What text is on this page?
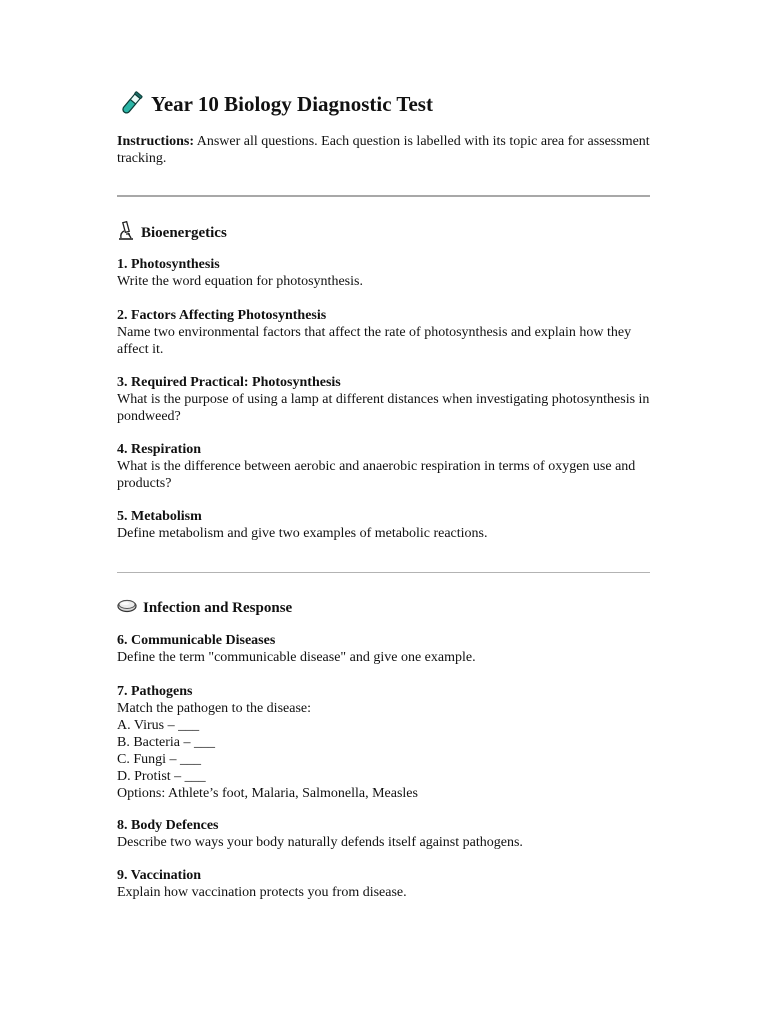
Year 10 Biology Diagnostic Test
Instructions: Answer all questions. Each question is labelled with its topic area for assessment tracking.
Bioenergetics
1. Photosynthesis
Write the word equation for photosynthesis.
2. Factors Affecting Photosynthesis
Name two environmental factors that affect the rate of photosynthesis and explain how they affect it.
3. Required Practical: Photosynthesis
What is the purpose of using a lamp at different distances when investigating photosynthesis in pondweed?
4. Respiration
What is the difference between aerobic and anaerobic respiration in terms of oxygen use and products?
5. Metabolism
Define metabolism and give two examples of metabolic reactions.
Infection and Response
6. Communicable Diseases
Define the term "communicable disease" and give one example.
7. Pathogens
Match the pathogen to the disease:
A. Virus – ___
B. Bacteria – ___
C. Fungi – ___
D. Protist – ___
Options: Athlete’s foot, Malaria, Salmonella, Measles
8. Body Defences
Describe two ways your body naturally defends itself against pathogens.
9. Vaccination
Explain how vaccination protects you from disease.
